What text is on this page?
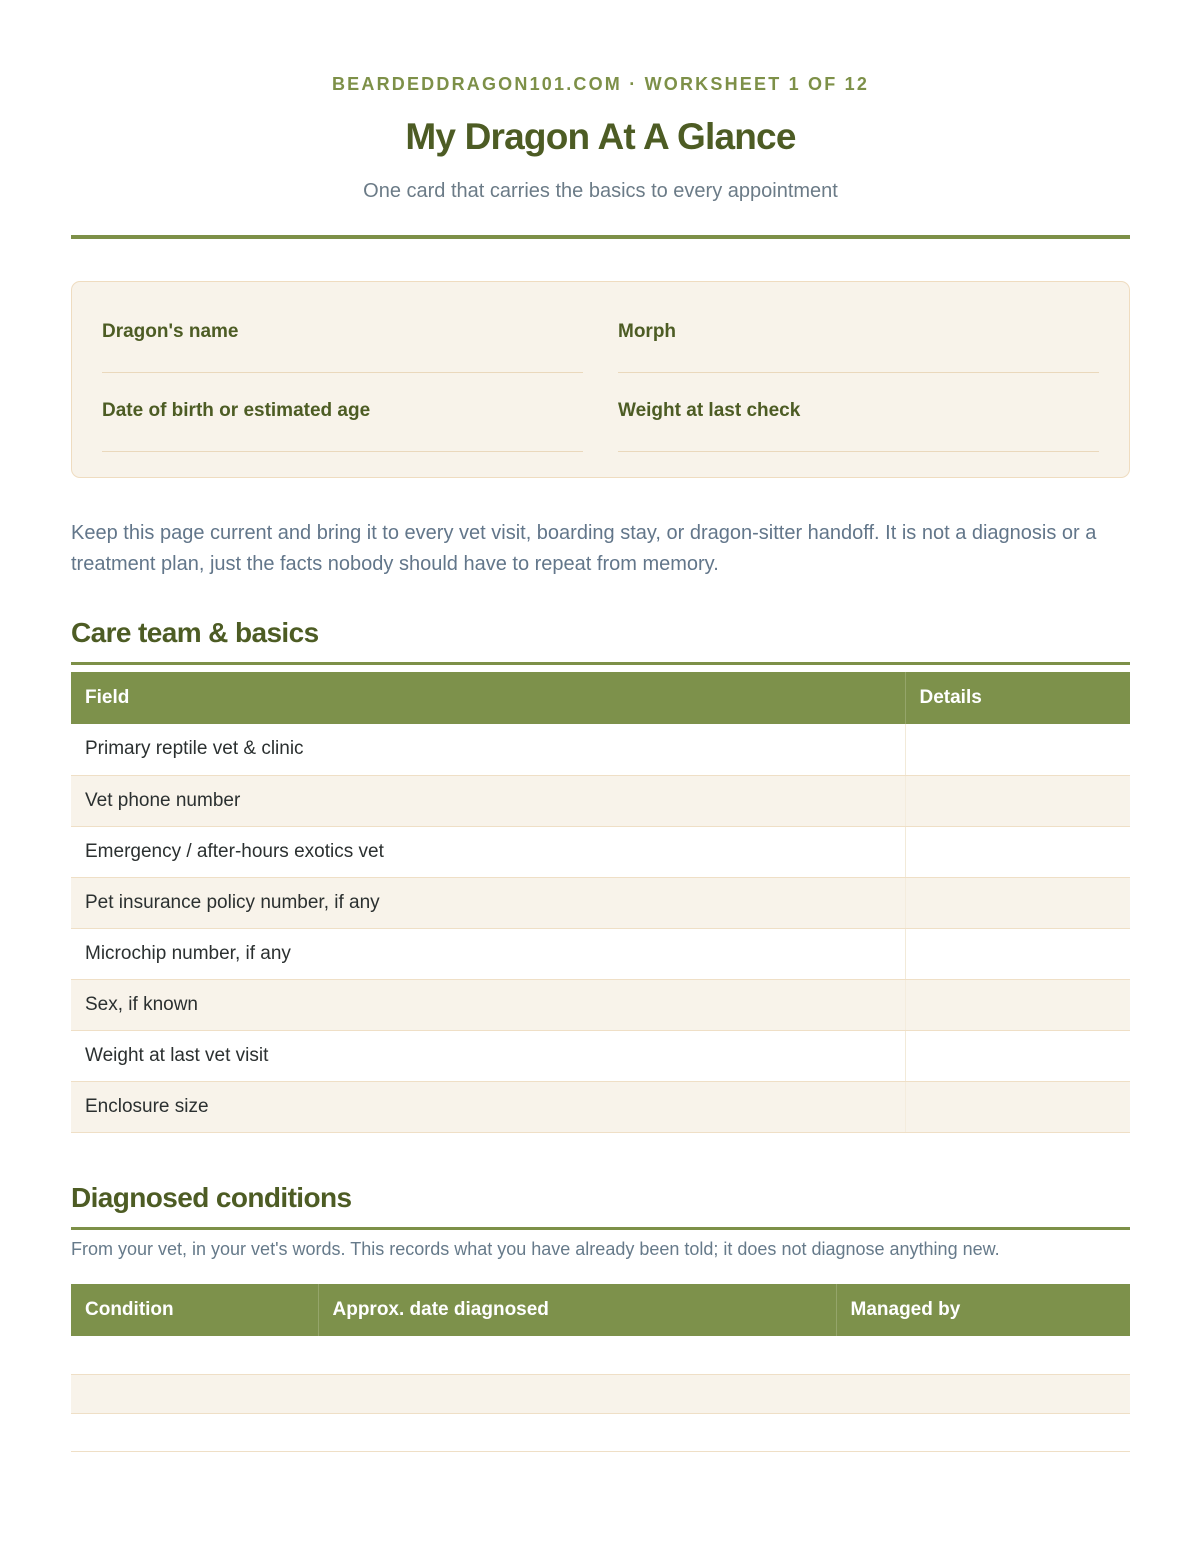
BEARDEDDRAGON101.COM · WORKSHEET 1 OF 12
My Dragon At A Glance
One card that carries the basics to every appointment
Dragon's name	Morph
Date of birth or estimated age	Weight at last check

Keep this page current and bring it to every vet visit, boarding stay, or dragon-sitter handoff. It is not a diagnosis or a treatment plan, just the facts nobody should have to repeat from memory.

Care team & basics
Field	Details
Primary reptile vet & clinic	
Vet phone number	
Emergency / after-hours exotics vet	
Pet insurance policy number, if any	
Microchip number, if any	
Sex, if known	
Weight at last vet visit	
Enclosure size	
Diagnosed conditions

From your vet, in your vet's words. This records what you have already been told; it does not diagnose anything new.

Condition	Approx. date diagnosed	Managed by
